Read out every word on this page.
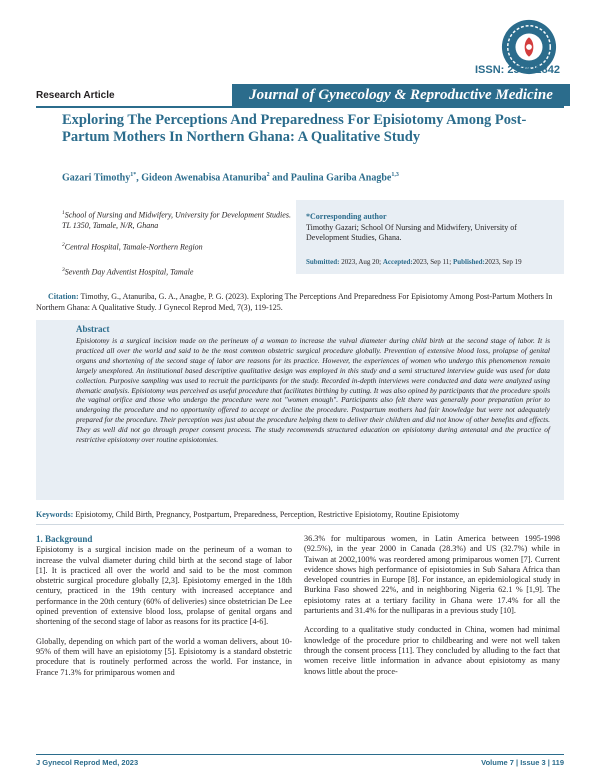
ISSN: 2576-2842
Research Article	Journal of Gynecology & Reproductive Medicine
Exploring The Perceptions And Preparedness For Episiotomy Among Post-Partum Mothers In Northern Ghana: A Qualitative Study
Gazari Timothy$^{1*}$, Gideon Awenabisa Atanuriba$^2$ and Paulina Gariba Anagbe$^{1,3}$
$^1$School of Nursing and Midwifery, University for Development Studies. TL 1350, Tamale, N/R, Ghana
$^2$Central Hospital, Tamale-Northern Region
$^3$Seventh Day Adventist Hospital, Tamale
*Corresponding author
Timothy Gazari; School Of Nursing and Midwifery, University of Development Studies, Ghana.
Submitted: 2023, Aug 20; Accepted:2023, Sep 11; Published:2023, Sep 19
Citation: Timothy, G., Atanuriba, G. A., Anagbe, P. G. (2023). Exploring The Perceptions And Preparedness For Episiotomy Among Post-Partum Mothers In Northern Ghana: A Qualitative Study. J Gynecol Reprod Med, 7(3), 119-125.
Abstract
Episiotomy is a surgical incision made on the perineum of a woman to increase the vulval diameter during child birth at the second stage of labor. It is practiced all over the world and said to be the most common obstetric surgical procedure globally. Prevention of extensive blood loss, prolapse of genital organs and shortening of the second stage of labor are reasons for its practice. However, the experiences of women who undergo this phenomenon remain largely unexplored. An institutional based descriptive qualitative design was employed in this study and a semi structured interview guide was used for data collection. Purposive sampling was used to recruit the participants for the study. Recorded in-depth interviews were conducted and data were analyzed using thematic analysis. Episiotomy was perceived as useful procedure that facilitates birthing by cutting. It was also opined by participants that the procedure spoils the vaginal orifice and those who undergo the procedure were not "women enough". Participants also felt there was generally poor preparation prior to undergoing the procedure and no opportunity offered to accept or decline the procedure. Postpartum mothers had fair knowledge but were not adequately prepared for the procedure. Their perception was just about the procedure helping them to deliver their children and did not know of other benefits and effects. They as well did not go through proper consent process. The study recommends structured education on episiotomy during antenatal and the practice of restrictive episiotomy over routine episiotomies.
Keywords: Episiotomy, Child Birth, Pregnancy, Postpartum, Preparedness, Perception, Restrictive Episiotomy, Routine Episiotomy
1. Background

Episiotomy is a surgical incision made on the perineum of a woman to increase the vulval diameter during child birth at the second stage of labor [1]. It is practiced all over the world and said to be the most common obstetric surgical procedure globally [2,3]. Episiotomy emerged in the 18th century, practiced in the 19th century with increased acceptance and performance in the 20th century (60% of deliveries) since obstetrician De Lee opined prevention of extensive blood loss, prolapse of genital organs and shortening of the second stage of labor as reasons for its practice [4-6].

Globally, depending on which part of the world a woman delivers, about 10-95% of them will have an episiotomy [5]. Episiotomy is a standard obstetric procedure that is routinely performed across the world. For instance, in France 71.3% for primiparous women and

36.3% for multiparous women, in Latin America between 1995-1998 (92.5%), in the year 2000 in Canada (28.3%) and US (32.7%) while in Taiwan at 2002,100% was reordered among primiparous women [7]. Current evidence shows high performance of episiotomies in Sub Sahara Africa than developed countries in Europe [8]. For instance, an epidemiological study in Burkina Faso showed 22%, and in neighboring Nigeria 62.1 % [1,9]. The episiotomy rates at a tertiary facility in Ghana were 17.4% for all the parturients and 31.4% for the nulliparas in a previous study [10].

According to a qualitative study conducted in China, women had minimal knowledge of the procedure prior to childbearing and were not well taken through the consent process [11]. They concluded by alluding to the fact that women receive little information in advance about episiotomy as many knows little about the proce-

J Gynecol Reprod Med, 2023	Volume 7 | Issue 3 | 119
